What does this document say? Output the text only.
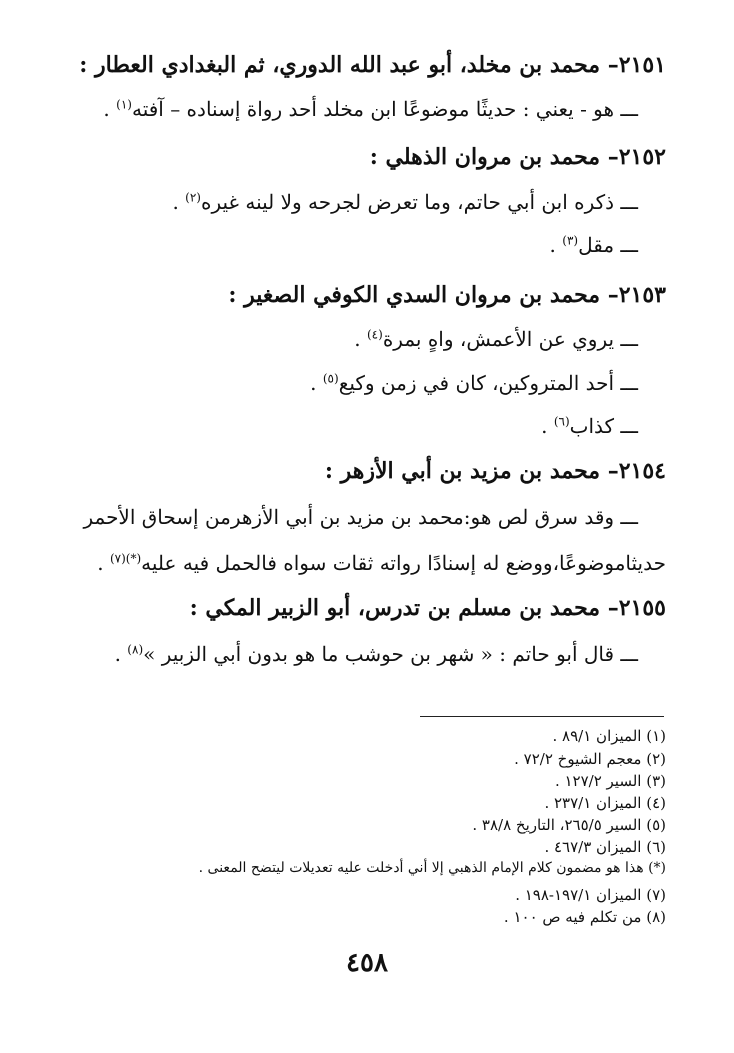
٢١٥١– محمد بن مخلد، أبو عبد الله الدوري، ثم البغدادي العطار :
ـــ هو - يعني : حديثًا موضوعًا ابن مخلد أحد رواة إسناده – آفته$^{(١)}$ .
٢١٥٢– محمد بن مروان الذهلي :
ـــ ذكره ابن أبي حاتم، وما تعرض لجرحه ولا لينه غيره$^{(٢)}$ .
ـــ مقل$^{(٣)}$ .
٢١٥٣– محمد بن مروان السدي الكوفي الصغير :
ـــ يروي عن الأعمش، واهٍ بمرة$^{(٤)}$ .
ـــ أحد المتروكين، كان في زمن وكيع$^{(٥)}$ .
ـــ كذاب$^{(٦)}$ .
٢١٥٤– محمد بن مزيد بن أبي الأزهر :
ـــ وقد سرق لص هو:محمد بن مزيد بن أبي الأزهرمن إسحاق الأحمر
حديثاموضوعًا،ووضع له إسنادًا رواته ثقات سواه فالحمل فيه عليه$^{(*)(٧)}$ .
٢١٥٥– محمد بن مسلم بن تدرس، أبو الزبير المكي :
ـــ قال أبو حاتم : « شهر بن حوشب ما هو بدون أبي الزبير »$^{(٨)}$ .
(١) الميزان ٨٩/١ .
(٢) معجم الشيوخ ٧٢/٢ .
(٣) السير ١٢٧/٢ .
(٤) الميزان ٢٣٧/١ .
(٥) السير ٢٦٥/٥، التاريخ ٣٨/٨ .
(٦) الميزان ٤٦٧/٣ .
(*) هذا هو مضمون كلام الإمام الذهبي إلا أني أدخلت عليه تعديلات ليتضح المعنى .
(٧) الميزان ١٩٧/١-١٩٨ .
(٨) من تكلم فيه ص ١٠٠ .
٤٥٨
